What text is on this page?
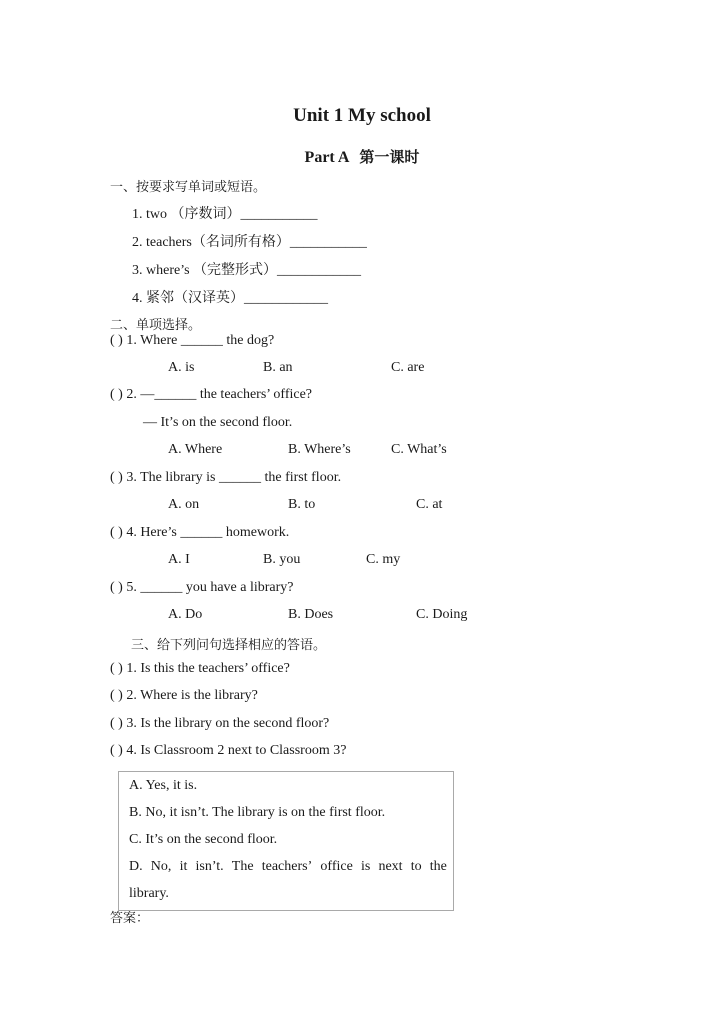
Unit 1 My school
Part A 第一课时
一、按要求写单词或短语。
1. two （序数词）___________
2. teachers（名词所有格）___________
3. where’s （完整形式）____________
4. 紧邻（汉译英）____________
二、单项选择。
( ) 1. Where ______ the dog?
A. is	B. an	C. are
( ) 2. —______ the teachers’ office?
— It’s on the second floor.
A. Where	B. Where’s	C. What’s
( ) 3. The library is ______ the first floor.
A. on	B. to	C. at
( ) 4. Here’s ______ homework.
A. I	B. you	C. my
( ) 5. ______ you have a library?
A. Do	B. Does	C. Doing
三、给下列问句选择相应的答语。
( ) 1. Is this the teachers’ office?
( ) 2. Where is the library?
( ) 3. Is the library on the second floor?
( ) 4. Is Classroom 2 next to Classroom 3?
A. Yes, it is.
B. No, it isn’t. The library is on the first floor.
C. It’s on the second floor.
D. No, it isn’t. The teachers’ office is next to the
library.
答案：
